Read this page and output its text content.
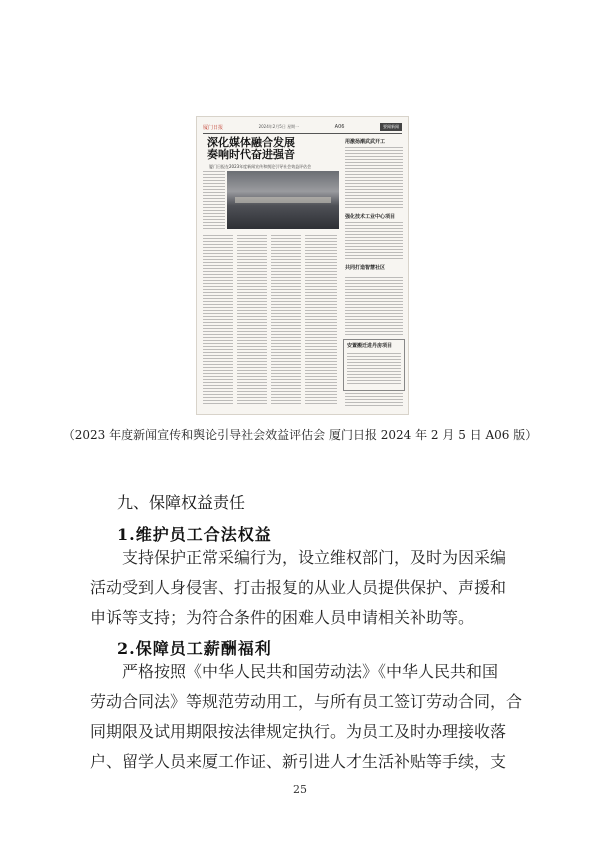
厦门日报	2024年2月5日 星期一	A06	要闻新闻
深化媒体融合发展
奏响时代奋进强音
厦门日报在2023年度新闻宣传和舆论引导社会效益评估会
用激扬潮武武开工
强化技术工业中心项目
共同打造智慧社区
安置搬迁进丹房项目
（2023 年度新闻宣传和舆论引导社会效益评估会 厦门日报 2024 年 2 月 5 日 A06 版）
九、保障权益责任
1.维护员工合法权益
支持保护正常采编行为，设立维权部门，及时为因采编
活动受到人身侵害、打击报复的从业人员提供保护、声援和
申诉等支持；为符合条件的困难人员申请相关补助等。
2.保障员工薪酬福利
严格按照《中华人民共和国劳动法》《中华人民共和国
劳动合同法》等规范劳动用工，与所有员工签订劳动合同，合
同期限及试用期限按法律规定执行。为员工及时办理接收落
户、留学人员来厦工作证、新引进人才生活补贴等手续，支
25
